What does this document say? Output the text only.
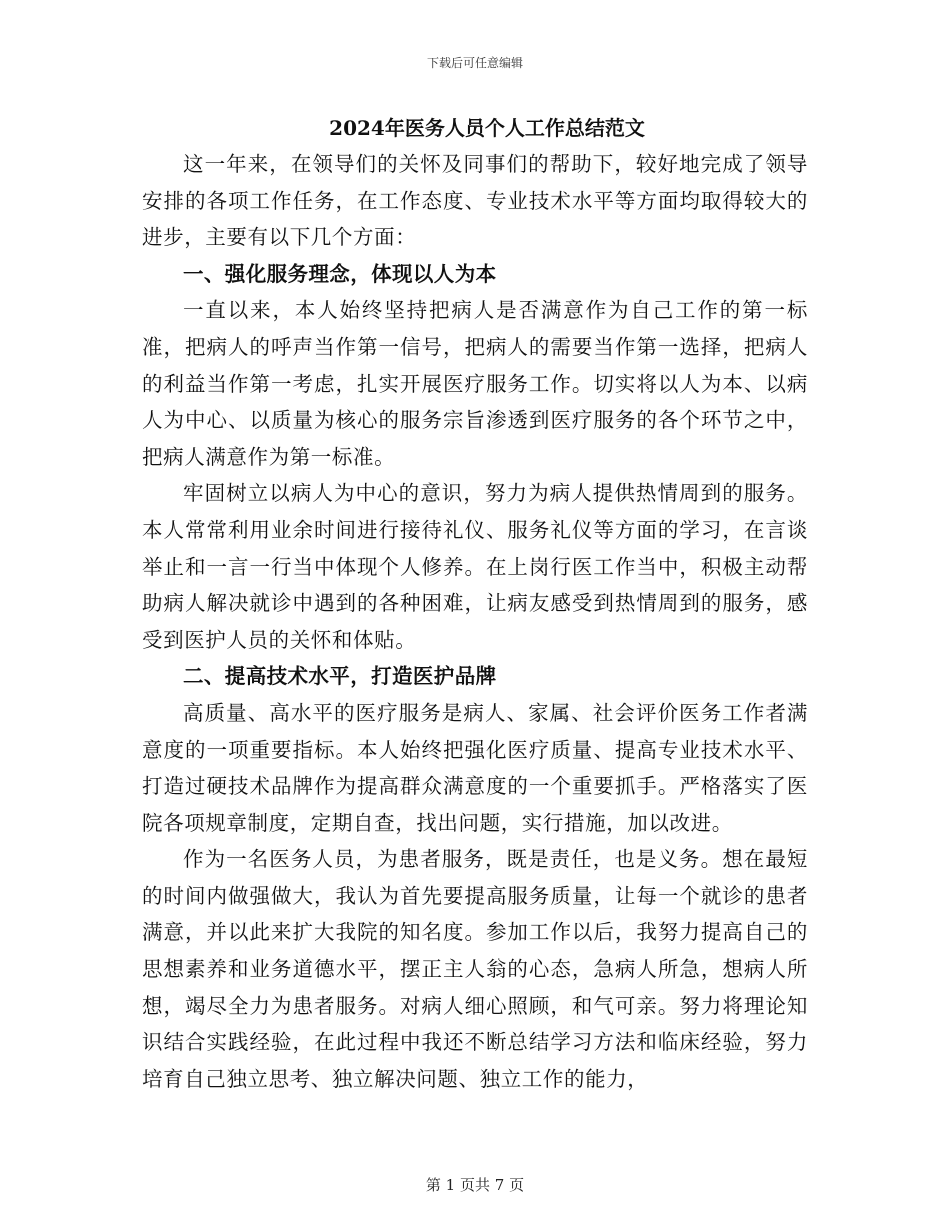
下载后可任意编辑
2024年医务人员个人工作总结范文

这一年来，在领导们的关怀及同事们的帮助下，较好地完成了领导安排的各项工作任务，在工作态度、专业技术水平等方面均取得较大的进步，主要有以下几个方面：

一、强化服务理念，体现以人为本

一直以来，本人始终坚持把病人是否满意作为自己工作的第一标准，把病人的呼声当作第一信号，把病人的需要当作第一选择，把病人的利益当作第一考虑，扎实开展医疗服务工作。切实将以人为本、以病人为中心、以质量为核心的服务宗旨渗透到医疗服务的各个环节之中，把病人满意作为第一标准。

牢固树立以病人为中心的意识，努力为病人提供热情周到的服务。本人常常利用业余时间进行接待礼仪、服务礼仪等方面的学习，在言谈举止和一言一行当中体现个人修养。在上岗行医工作当中，积极主动帮助病人解决就诊中遇到的各种困难，让病友感受到热情周到的服务，感受到医护人员的关怀和体贴。

二、提高技术水平，打造医护品牌

高质量、高水平的医疗服务是病人、家属、社会评价医务工作者满意度的一项重要指标。本人始终把强化医疗质量、提高专业技术水平、打造过硬技术品牌作为提高群众满意度的一个重要抓手。严格落实了医院各项规章制度，定期自查，找出问题，实行措施，加以改进。

作为一名医务人员，为患者服务，既是责任，也是义务。想在最短的时间内做强做大，我认为首先要提高服务质量，让每一个就诊的患者满意，并以此来扩大我院的知名度。参加工作以后，我努力提高自己的思想素养和业务道德水平，摆正主人翁的心态，急病人所急，想病人所想，竭尽全力为患者服务。对病人细心照顾，和气可亲。努力将理论知识结合实践经验，在此过程中我还不断总结学习方法和临床经验，努力培育自己独立思考、独立解决问题、独立工作的能力，

第 1 页共 7 页
